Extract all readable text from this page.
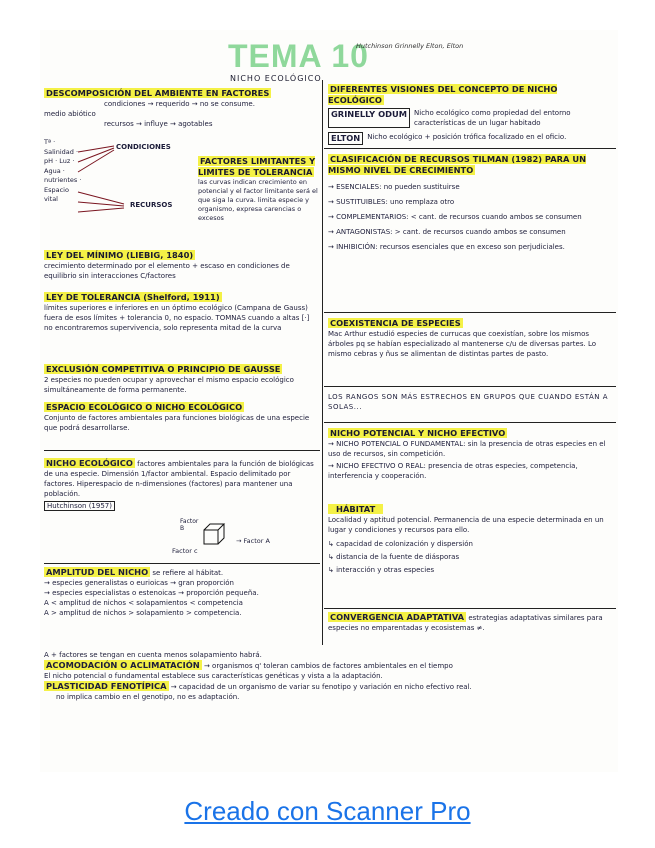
TEMA 10
Hutchinson Grinnelly Elton, Elton
NICHO ECOLÓGICO
DESCOMPOSICIÓN DEL AMBIENTE EN FACTORES
condiciones → requerido → no se consume.
medio abiótico
recursos → influye → agotables
Tª · Salinidad · pH · Luz · Agua · nutrientes · Espacio vital
CONDICIONES
RECURSOS
FACTORES LIMITANTES Y LIMITES DE TOLERANCIA
las curvas indican crecimiento en potencial y el factor limitante será el que siga la curva. limita especie y organismo, expresa carencias o excesos
LEY DEL MÍNIMO (LIEBIG, 1840)
crecimiento determinado por el elemento + escaso en condiciones de equilibrio sin interacciones C/factores
LEY DE TOLERANCIA (Shelford, 1911)
límites superiores e inferiores en un óptimo ecológico (Campana de Gauss) fuera de esos límites + tolerancia 0, no espacio. TOMNAS cuando a altas [·] no encontraremos supervivencia, solo representa mitad de la curva
EXCLUSIÓN COMPETITIVA O PRINCIPIO DE GAUSSE
2 especies no pueden ocupar y aprovechar el mismo espacio ecológico simultáneamente de forma permanente.
ESPACIO ECOLÓGICO O NICHO ECOLÓGICO
Conjunto de factores ambientales para funciones biológicas de una especie que podrá desarrollarse.
NICHO ECOLÓGICO factores ambientales para la función de biológicas de una especie. Dimensión 1/factor ambiental. Espacio delimitado por factores. Hiperespacio de n-dimensiones (factores) para mantener una población.
Hutchinson (1957)
Factor B
→ Factor A
Factor c
AMPLITUD DEL NICHO se refiere al hábitat.
→ especies generalistas o eurioicas → gran proporción
→ especies especialistas o estenoicas → proporción pequeña.
A < amplitud de nichos < solapamientos < competencia
A > amplitud de nichos > solapamiento > competencia.
A + factores se tengan en cuenta menos solapamiento habrá.
ACOMODACIÓN O ACLIMATACIÓN → organismos q' toleran cambios de factores ambientales en el tiempo
El nicho potencial o fundamental establece sus características genéticas y vista a la adaptación.
PLASTICIDAD FENOTÍPICA → capacidad de un organismo de variar su fenotipo y variación en nicho efectivo real.
no implica cambio en el genotipo, no es adaptación.
DIFERENTES VISIONES DEL CONCEPTO DE NICHO ECOLÓGICO
GRINELLY ODUM	Nicho ecológico como propiedad del entorno características de un lugar habitado
ELTON	Nicho ecológico + posición trófica focalizado en el oficio.
CLASIFICACIÓN DE RECURSOS TILMAN (1982) PARA UN MISMO NIVEL DE CRECIMIENTO
→ ESENCIALES: no pueden sustituirse
→ SUSTITUIBLES: uno remplaza otro
→ COMPLEMENTARIOS: < cant. de recursos cuando ambos se consumen
→ ANTAGONISTAS: > cant. de recursos cuando ambos se consumen
→ INHIBICIÓN: recursos esenciales que en exceso son perjudiciales.
COEXISTENCIA DE ESPECIES
Mac Arthur estudió especies de currucas que coexistían, sobre los mismos árboles pq se habían especializado al mantenerse c/u de diversas partes. Lo mismo cebras y ñus se alimentan de distintas partes de pasto.
LOS RANGOS SON MÁS ESTRECHOS EN GRUPOS QUE CUANDO ESTÁN A SOLAS...
NICHO POTENCIAL Y NICHO EFECTIVO
→ NICHO POTENCIAL O FUNDAMENTAL: sin la presencia de otras especies en el uso de recursos, sin competición.
→ NICHO EFECTIVO O REAL: presencia de otras especies, competencia, interferencia y cooperación.
HÁBITAT
Localidad y aptitud potencial. Permanencia de una especie determinada en un lugar y condiciones y recursos para ello.
↳ capacidad de colonización y dispersión
↳ distancia de la fuente de diásporas
↳ interacción y otras especies
CONVERGENCIA ADAPTATIVA estrategias adaptativas similares para especies no emparentadas y ecosistemas ≠.
Creado con Scanner Pro
